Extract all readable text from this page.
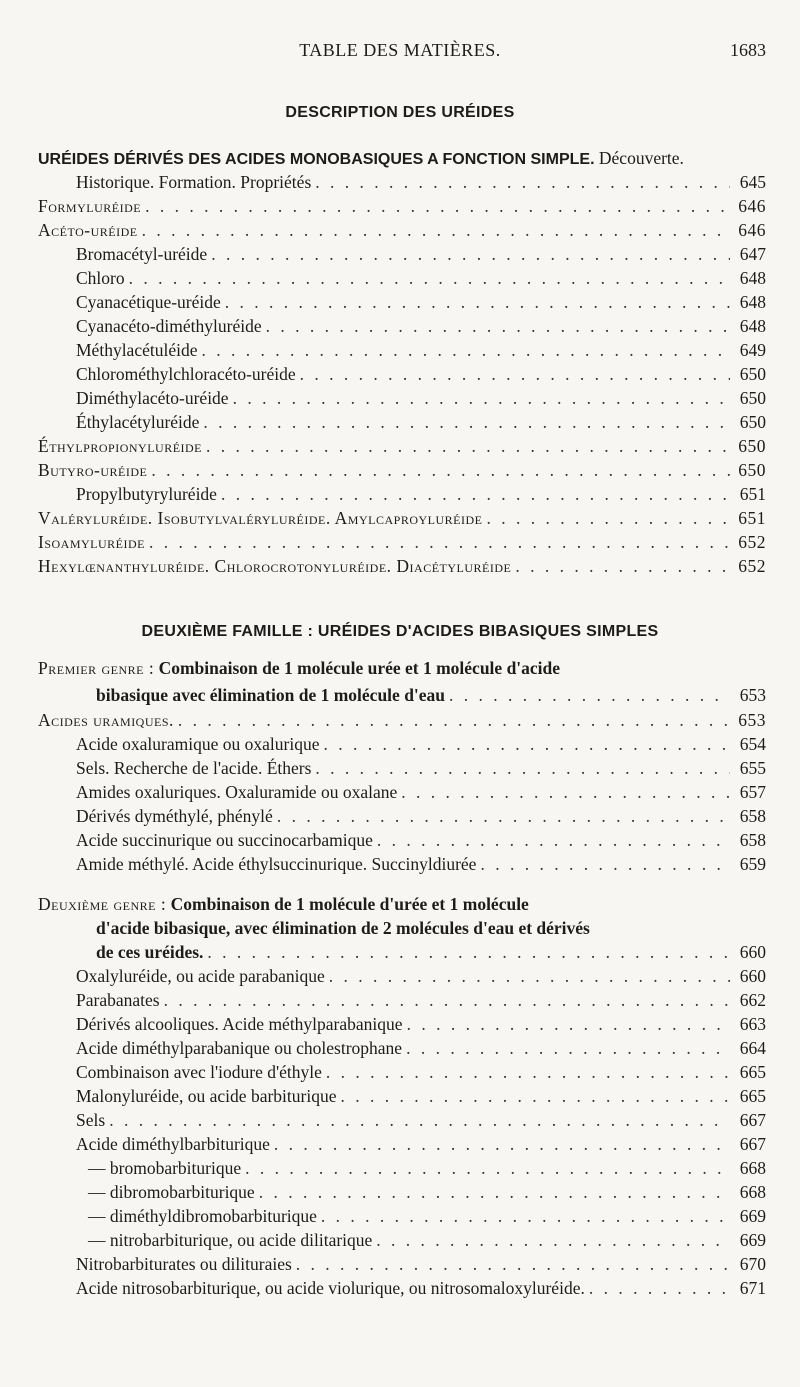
TABLE DES MATIÈRES.	1683
DESCRIPTION DES URÉIDES
URÉIDES DÉRIVÉS DES ACIDES MONOBASIQUES A FONCTION SIMPLE. Découverte.
Historique. Formation. Propriétés . . .	645
Formyluréide . . .	646
Acéto-uréide . . .	646
Bromacétyl-uréide . . .	647
Chloro . . .	648
Cyanacétique-uréide . . .	648
Cyanacéto-diméthyluréide . . .	648
Méthylacétuléide . . .	649
Chlorométhylchloracéto-uréide . . .	650
Diméthylacéto-uréide . . .	650
Éthylacétyluréide . . .	650
Éthylpropionyluréide . . .	650
Butyro-uréide . . .	650
Propylbutyryluréide . . .	651
Valéryluréide. Isobutylvaléryluréide. Amylcaproyluréide . . .	651
Isoamyluréide . . .	652
Hexylœnanthyluréide. Chlorocrotonyluréide. Diacétyluréide . . .	652
DEUXIÈME FAMILLE : URÉIDES D'ACIDES BIBASIQUES SIMPLES
Premier genre : Combinaison de 1 molécule urée et 1 molécule d'acide
bibasique avec élimination de 1 molécule d'eau . . .	653
Acides uramiques. . . .	653
Acide oxaluramique ou oxalurique . . .	654
Sels. Recherche de l'acide. Éthers . . .	655
Amides oxaluriques. Oxaluramide ou oxalane . . .	657
Dérivés dyméthylé, phénylé . . .	658
Acide succinurique ou succinocarbamique . . .	658
Amide méthylé. Acide éthylsuccinurique. Succinyldiurée . . .	659
Deuxième genre : Combinaison de 1 molécule d'urée et 1 molécule
d'acide bibasique, avec élimination de 2 molécules d'eau et dérivés
de ces uréides. . . .	660
Oxalyluréide, ou acide parabanique . . .	660
Parabanates . . .	662
Dérivés alcooliques. Acide méthylparabanique . . .	663
Acide diméthylparabanique ou cholestrophane . . .	664
Combinaison avec l'iodure d'éthyle . . .	665
Malonyluréide, ou acide barbiturique . . .	665
Sels . . .	667
Acide diméthylbarbiturique . . .	667
— bromobarbiturique . . .	668
— dibromobarbiturique . . .	668
— diméthyldibromobarbiturique . . .	669
— nitrobarbiturique, ou acide dilitarique . . .	669
Nitrobarbiturates ou dilituraies . . .	670
Acide nitrosobarbiturique, ou acide violurique, ou nitrosomaloxyluréide. . . .	671
